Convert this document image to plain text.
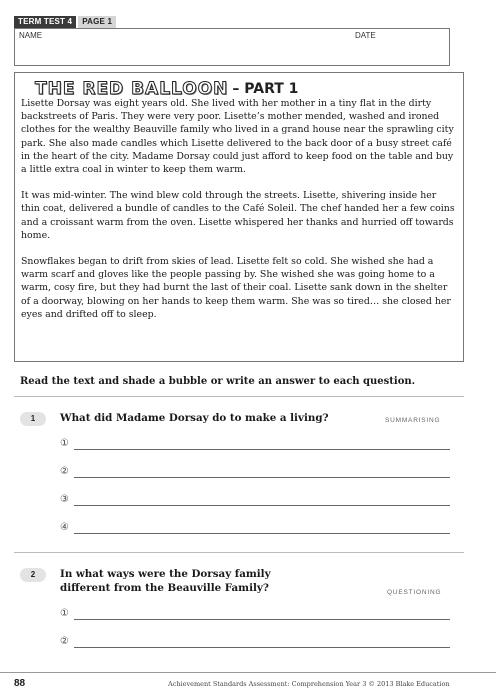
TERM TEST 4	PAGE 1
NAME	DATE
THE RED BALLOON – PART 1

Lisette Dorsay was eight years old. She lived with her mother in a tiny flat in the dirty backstreets of Paris. They were very poor. Lisette’s mother mended, washed and ironed clothes for the wealthy Beauville family who lived in a grand house near the sprawling city park. She also made candles which Lisette delivered to the back door of a busy street café in the heart of the city. Madame Dorsay could just afford to keep food on the table and buy a little extra coal in winter to keep them warm.

It was mid-winter. The wind blew cold through the streets. Lisette, shivering inside her thin coat, delivered a bundle of candles to the Café Soleil. The chef handed her a few coins and a croissant warm from the oven. Lisette whispered her thanks and hurried off towards home.

Snowflakes began to drift from skies of lead. Lisette felt so cold. She wished she had a warm scarf and gloves like the people passing by. She wished she was going home to a warm, cosy fire, but they had burnt the last of their coal. Lisette sank down in the shelter of a doorway, blowing on her hands to keep them warm. She was so tired… she closed her eyes and drifted off to sleep.

Read the text and shade a bubble or write an answer to each question.
1	What did Madame Dorsay do to make a living?	SUMMARISING
①
②
③
④
2	In what ways were the Dorsay family different from the Beauville Family?	QUESTIONING
①
②
88	Achievement Standards Assessment: Comprehension Year 3 © 2013 Blake Education
